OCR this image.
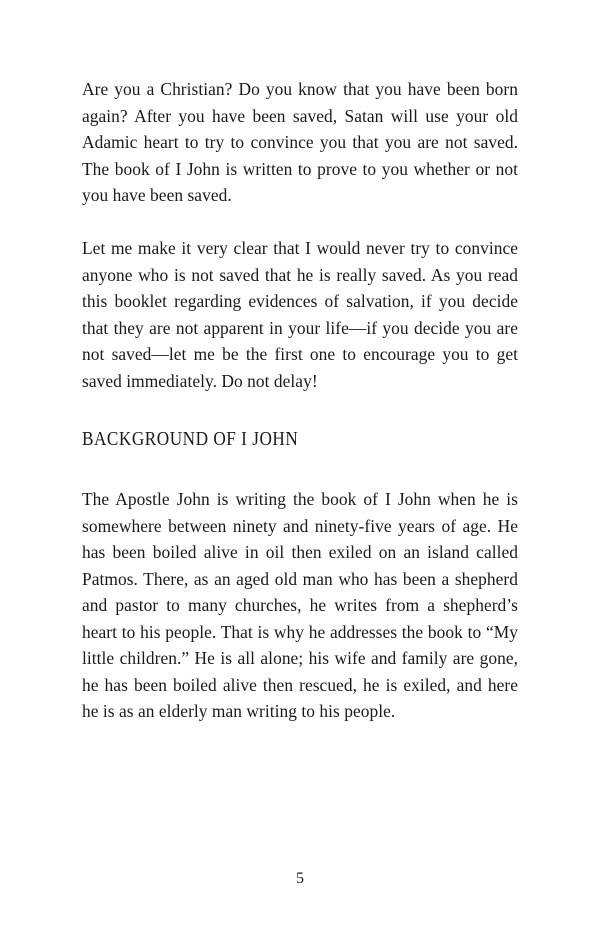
Are you a Christian? Do you know that you have been born again? After you have been saved, Satan will use your old Adamic heart to try to convince you that you are not saved. The book of I John is written to prove to you whether or not you have been saved.

Let me make it very clear that I would never try to convince anyone who is not saved that he is really saved. As you read this booklet regarding evidences of salvation, if you decide that they are not apparent in your life—if you decide you are not saved—let me be the first one to encourage you to get saved immediately. Do not delay!

BACKGROUND OF I JOHN

The Apostle John is writing the book of I John when he is somewhere between ninety and ninety-five years of age. He has been boiled alive in oil then exiled on an island called Patmos. There, as an aged old man who has been a shepherd and pastor to many churches, he writes from a shepherd’s heart to his people. That is why he addresses the book to “My little children.” He is all alone; his wife and family are gone, he has been boiled alive then rescued, he is exiled, and here he is as an elderly man writing to his people.

5
